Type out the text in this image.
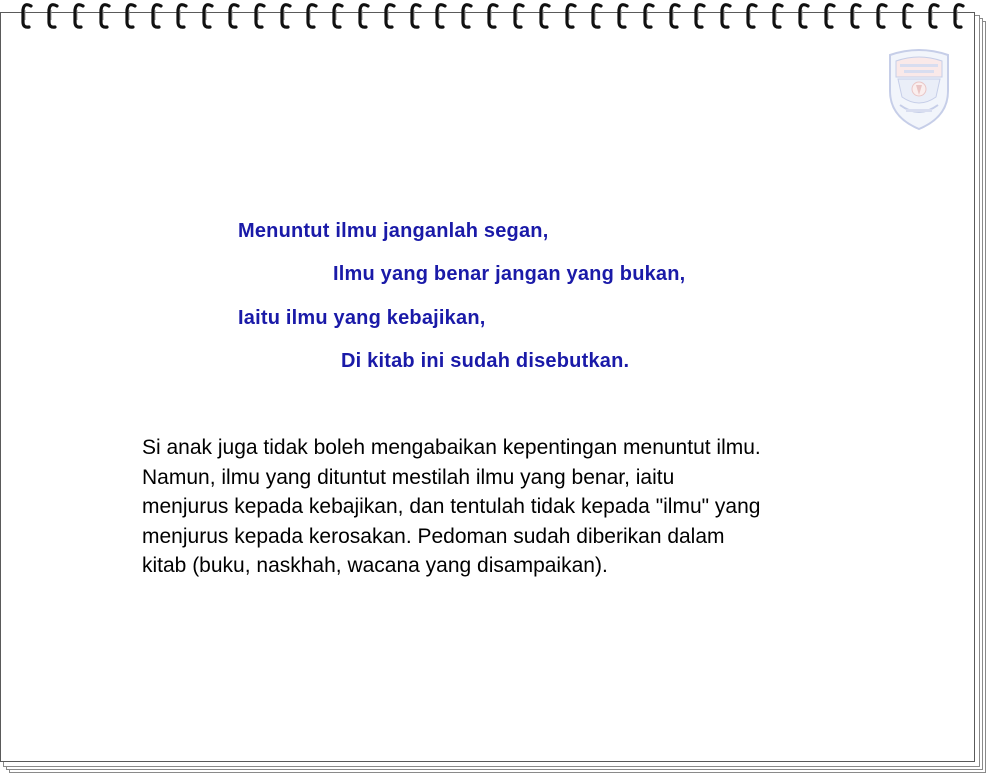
Menuntut ilmu janganlah segan,
Ilmu yang benar jangan yang bukan,
Iaitu ilmu yang kebajikan,
Di kitab ini sudah disebutkan.
Si anak juga tidak boleh mengabaikan kepentingan menuntut ilmu.
Namun, ilmu yang dituntut mestilah ilmu yang benar, iaitu
menjurus kepada kebajikan, dan tentulah tidak kepada "ilmu" yang
menjurus kepada kerosakan. Pedoman sudah diberikan dalam
kitab (buku, naskhah, wacana yang disampaikan).
